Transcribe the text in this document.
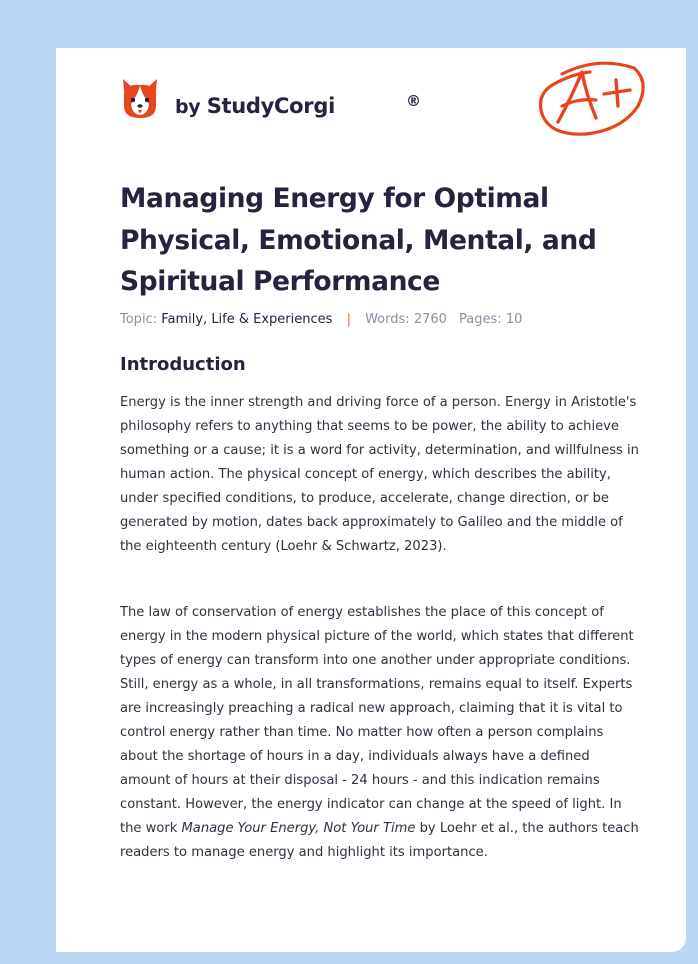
by StudyCorgi	®
Managing Energy for Optimal Physical, Emotional, Mental, and Spiritual Performance
Topic: Family, Life & Experiences | Words: 2760 Pages: 10
Introduction

Energy is the inner strength and driving force of a person. Energy in Aristotle's philosophy refers to anything that seems to be power, the ability to achieve something or a cause; it is a word for activity, determination, and willfulness in human action. The physical concept of energy, which describes the ability, under specified conditions, to produce, accelerate, change direction, or be generated by motion, dates back approximately to Galileo and the middle of the eighteenth century (Loehr & Schwartz, 2023).

The law of conservation of energy establishes the place of this concept of energy in the modern physical picture of the world, which states that different types of energy can transform into one another under appropriate conditions. Still, energy as a whole, in all transformations, remains equal to itself. Experts are increasingly preaching a radical new approach, claiming that it is vital to control energy rather than time. No matter how often a person complains about the shortage of hours in a day, individuals always have a defined amount of hours at their disposal - 24 hours - and this indication remains constant. However, the energy indicator can change at the speed of light. In the work Manage Your Energy, Not Your Time by Loehr et al., the authors teach readers to manage energy and highlight its importance.
